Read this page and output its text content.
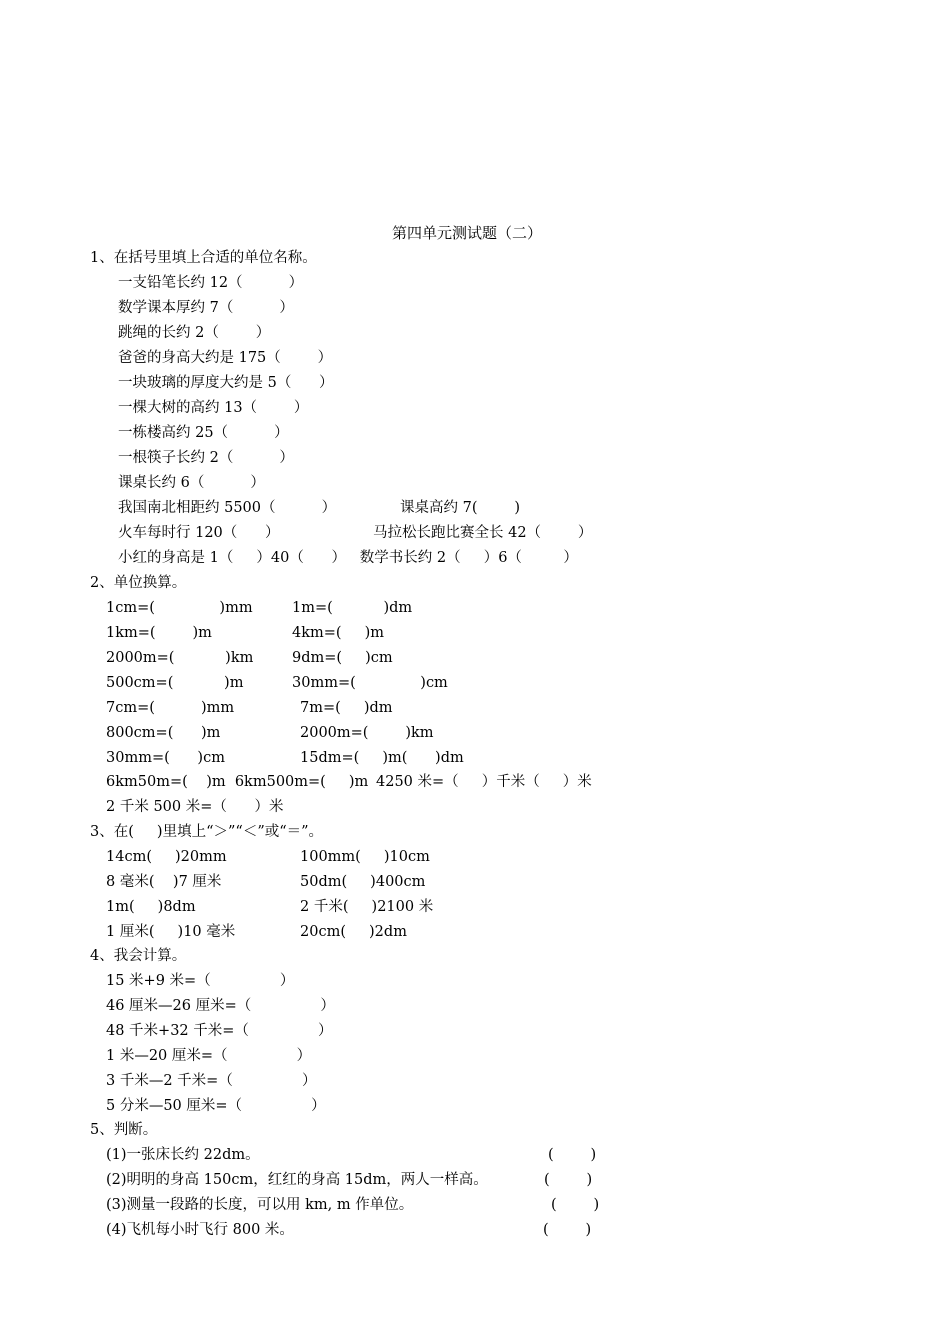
第四单元测试题（二）
1、在括号里填上合适的单位名称。
一支铅笔长约 12（          ）
数学课本厚约 7（          ）
跳绳的长约 2（        ）
爸爸的身高大约是 175（        ）
一块玻璃的厚度大约是 5（      ）
一棵大树的高约 13（        ）
一栋楼高约 25（          ）
一根筷子长约 2（          ）
课桌长约 6（          ）
我国南北相距约 5500（          ）	课桌高约 7(        )
火车每时行 120（      ）	马拉松长跑比赛全长 42（        ）
小红的身高是 1（     ）40（      ）   数学书长约 2（     ）6（         ）
2、单位换算。
1cm=(              )mm	1m=(           )dm
1km=(        )m	4km=(     )m
2000m=(           )km	9dm=(     )cm
500cm=(           )m	30mm=(              )cm
7cm=(          )mm	7m=(     )dm
800cm=(      )m	2000m=(        )km
30mm=(      )cm	15dm=(     )m(      )dm
6km50m=(    )m  6km500m=(     )m 4250 米=（     ）千米（     ）米
2 千米 500 米=（      ）米
3、在(     )里填上“＞”“＜”或“＝”。
14cm(     )20mm	100mm(     )10cm
8 毫米(    )7 厘米	50dm(     )400cm
1m(     )8dm	2 千米(     )2100 米
1 厘米(     )10 毫米	20cm(     )2dm
4、我会计算。
15 米+9 米=（               ）
46 厘米—26 厘米=（               ）
48 千米+32 千米=（               ）
1 米—20 厘米=（               ）
3 千米—2 千米=（               ）
5 分米—50 厘米=（               ）
5、判断。
(1)一张床长约 22dm。	(        )
(2)明明的身高 150cm，红红的身高 15dm，两人一样高。	(        )
(3)测量一段路的长度，可以用 km, m 作单位。	(        )
(4)飞机每小时飞行 800 米。	(        )
